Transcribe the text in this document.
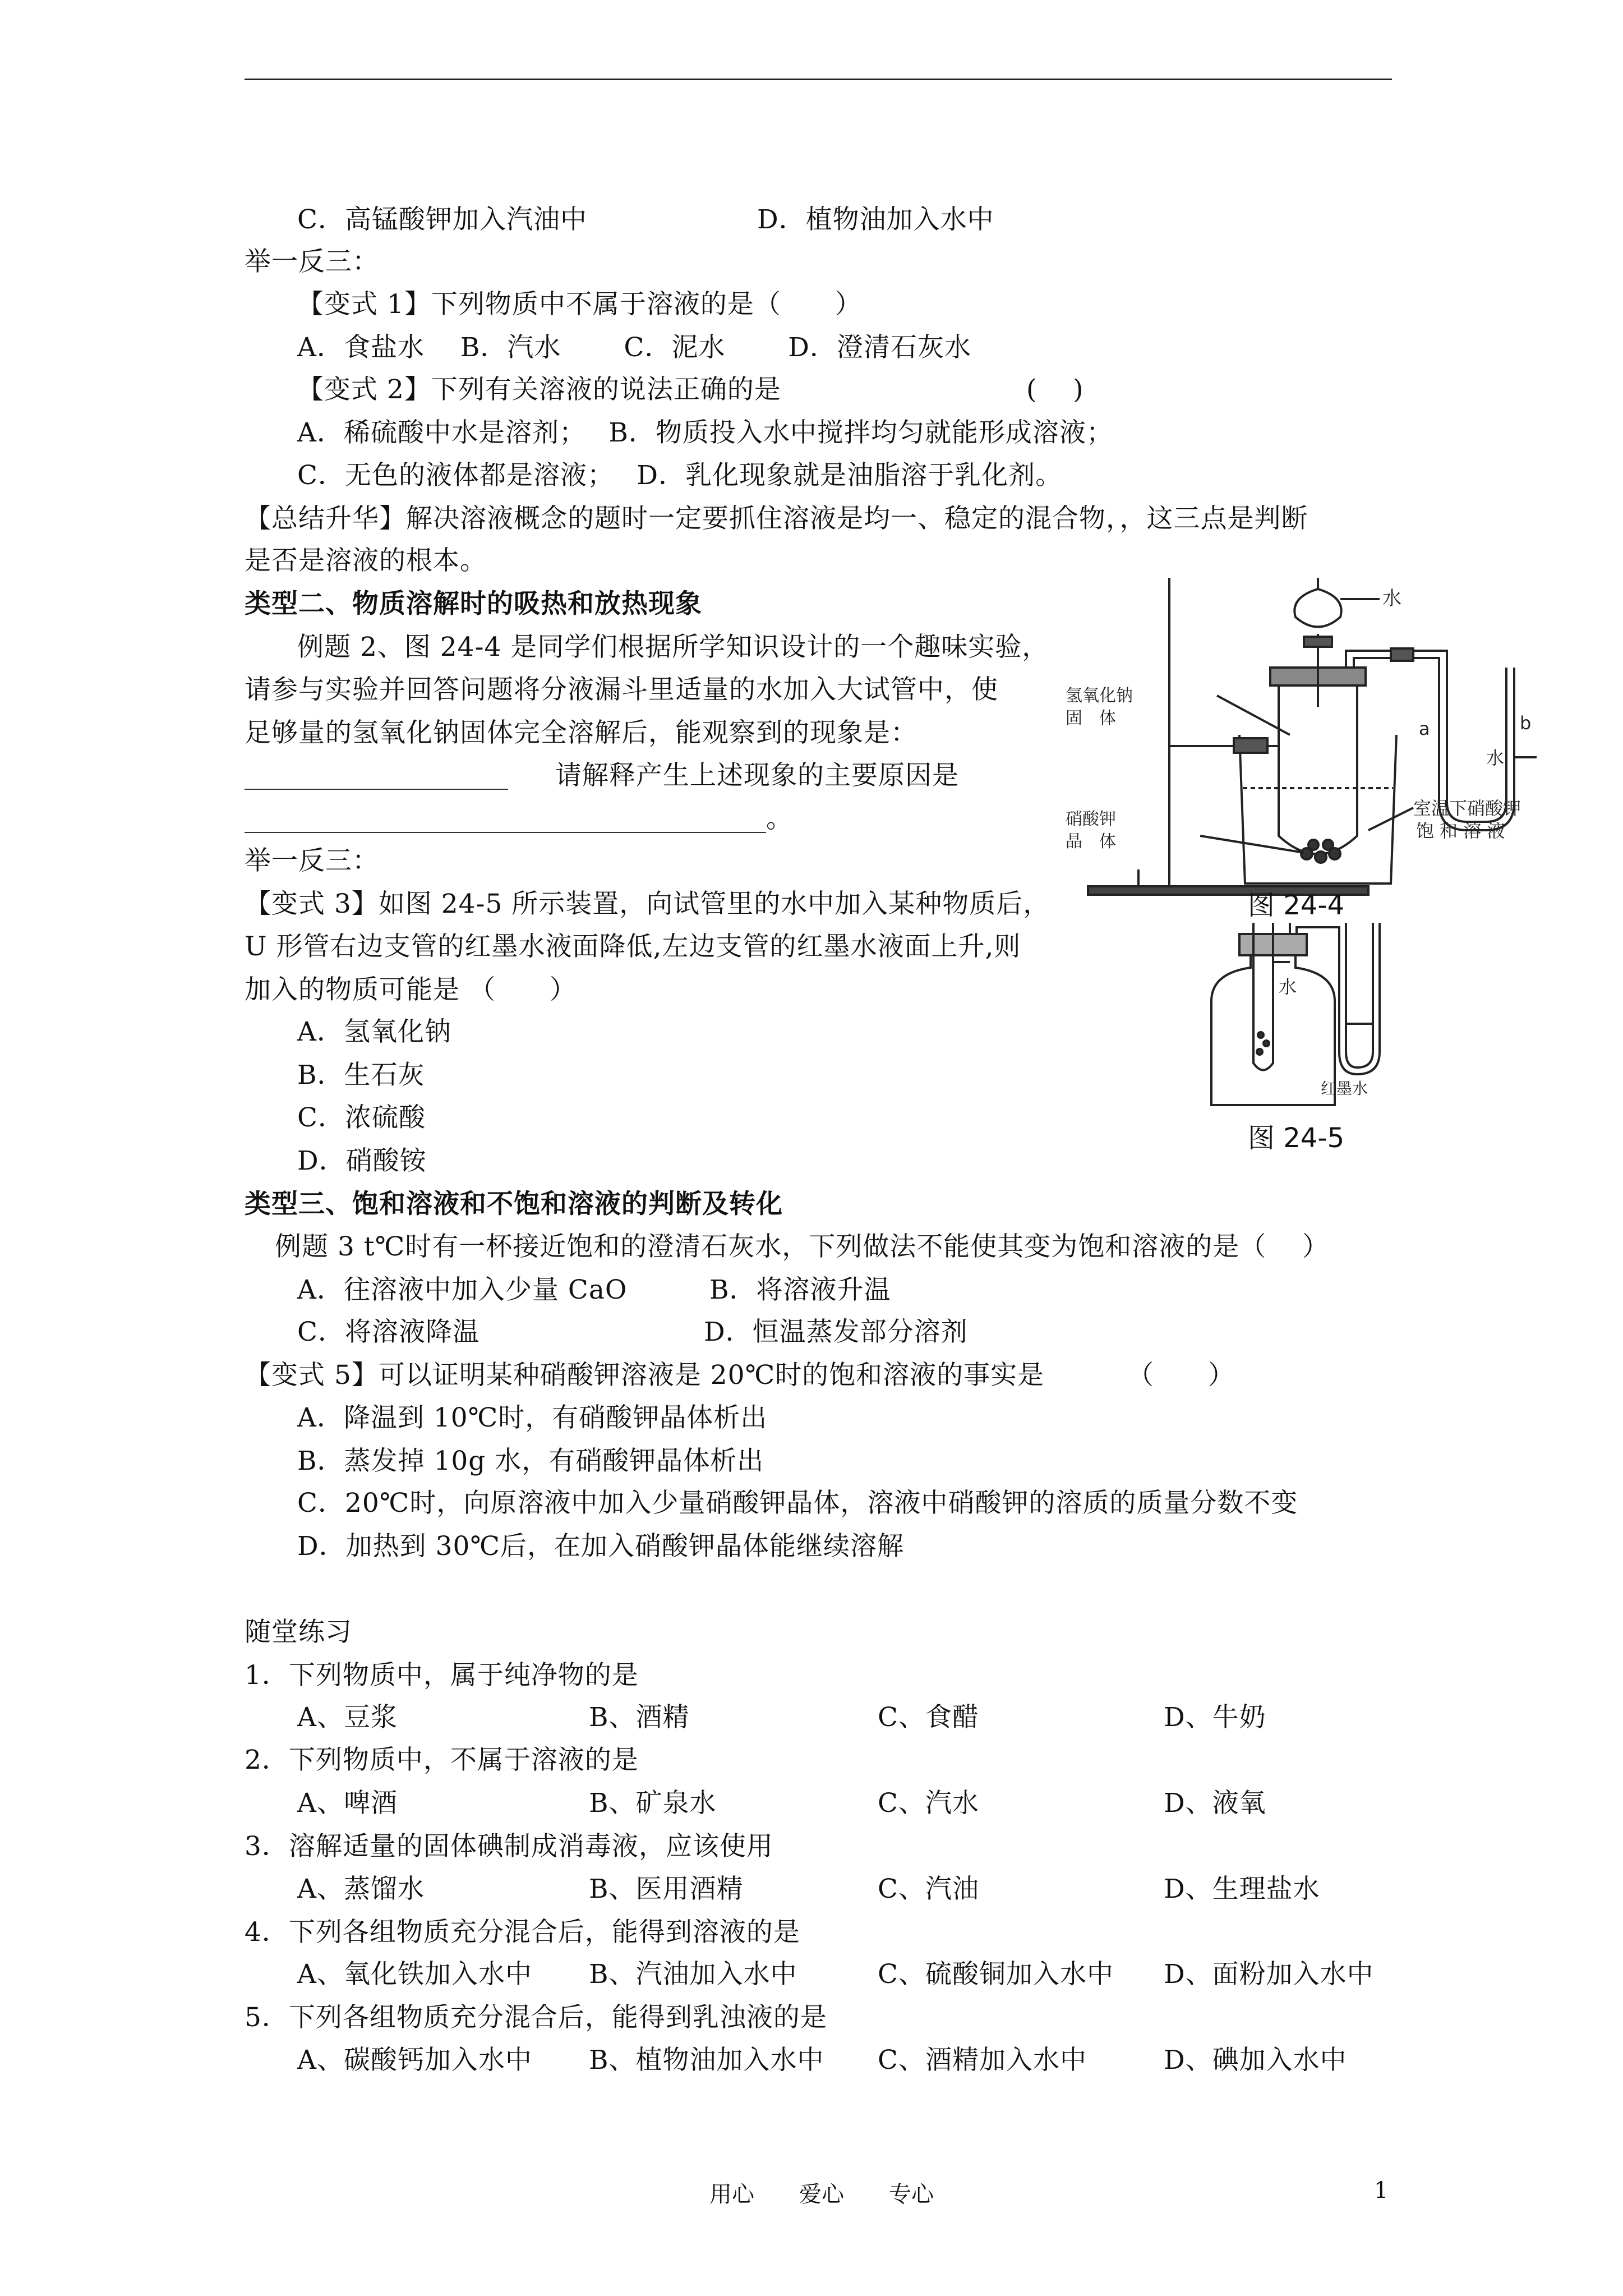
C．高锰酸钾加入汽油中	D．植物油加入水中
举一反三：
【变式 1】下列物质中不属于溶液的是（　　）
A．食盐水　 B．汽水　　 C．泥水　　 D．澄清石灰水
【变式 2】下列有关溶液的说法正确的是	(　 )
A．稀硫酸中水是溶剂；　 B．物质投入水中搅拌均匀就能形成溶液；
C．无色的液体都是溶液；　 D．乳化现象就是油脂溶于乳化剂。
【总结升华】解决溶液概念的题时一定要抓住溶液是均一、稳定的混合物，，这三点是判断
是否是溶液的根本。
类型二、物质溶解时的吸热和放热现象
例题 2、图 24-4 是同学们根据所学知识设计的一个趣味实验，
请参与实验并回答问题将分液漏斗里适量的水加入大试管中，使
足够量的氢氧化钠固体完全溶解后，能观察到的现象是：
请解释产生上述现象的主要原因是
。
举一反三：
【变式 3】如图 24-5 所示装置，向试管里的水中加入某种物质后，
U 形管右边支管的红墨水液面降低,左边支管的红墨水液面上升,则
加入的物质可能是 （　　）
A．氢氧化钠
B．生石灰
C．浓硫酸
D．硝酸铵
水
a	b
水
氢氧化钠
固　体
硝酸钾
晶　体
室温下硝酸钾
饱 和 溶 液
图 24-4
水
红墨水
图 24-5
类型三、饱和溶液和不饱和溶液的判断及转化
例题 3 t℃时有一杯接近饱和的澄清石灰水，下列做法不能使其变为饱和溶液的是（　 ）
A．往溶液中加入少量 CaO	B．将溶液升温
C．将溶液降温	D．恒温蒸发部分溶剂
【变式 5】可以证明某种硝酸钾溶液是 20℃时的饱和溶液的事实是	（　　）
A．降温到 10℃时，有硝酸钾晶体析出
B．蒸发掉 10g 水，有硝酸钾晶体析出
C．20℃时，向原溶液中加入少量硝酸钾晶体，溶液中硝酸钾的溶质的质量分数不变
D．加热到 30℃后，在加入硝酸钾晶体能继续溶解
随堂练习
1．下列物质中，属于纯净物的是
A、豆浆	B、酒精	C、食醋	D、牛奶
2．下列物质中，不属于溶液的是
A、啤酒	B、矿泉水	C、汽水	D、液氧
3．溶解适量的固体碘制成消毒液，应该使用
A、蒸馏水	B、医用酒精	C、汽油	D、生理盐水
4．下列各组物质充分混合后，能得到溶液的是
A、氧化铁加入水中 B、汽油加入水中	C、硫酸铜加入水中 D、面粉加入水中
5．下列各组物质充分混合后，能得到乳浊液的是
A、碳酸钙加入水中 B、植物油加入水中 C、酒精加入水中	D、碘加入水中
用心　　爱心　　专心	1
